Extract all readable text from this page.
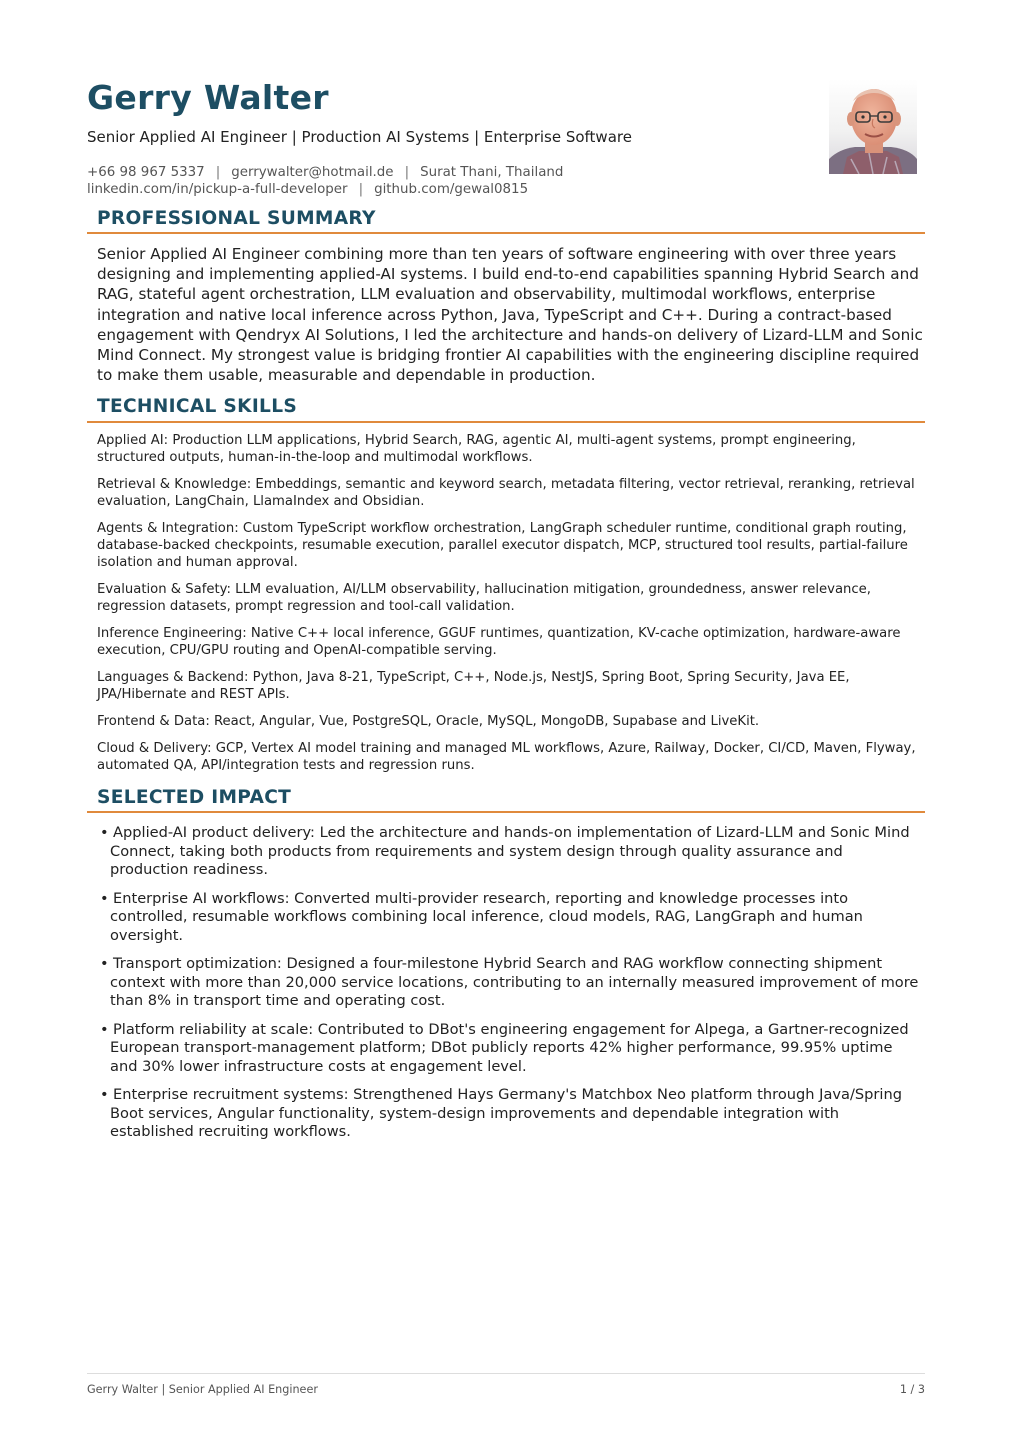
Gerry Walter
Senior Applied AI Engineer | Production AI Systems | Enterprise Software
+66 98 967 5337 | gerrywalter@hotmail.de | Surat Thani, Thailand
linkedin.com/in/pickup-a-full-developer | github.com/gewal0815
PROFESSIONAL SUMMARY

Senior Applied AI Engineer combining more than ten years of software engineering with over three years designing and implementing applied-AI systems. I build end-to-end capabilities spanning Hybrid Search and RAG, stateful agent orchestration, LLM evaluation and observability, multimodal workflows, enterprise integration and native local inference across Python, Java, TypeScript and C++. During a contract-based engagement with Qendryx AI Solutions, I led the architecture and hands-on delivery of Lizard-LLM and Sonic Mind Connect. My strongest value is bridging frontier AI capabilities with the engineering discipline required to make them usable, measurable and dependable in production.

TECHNICAL SKILLS

Applied AI: Production LLM applications, Hybrid Search, RAG, agentic AI, multi-agent systems, prompt engineering, structured outputs, human-in-the-loop and multimodal workflows.

Retrieval & Knowledge: Embeddings, semantic and keyword search, metadata filtering, vector retrieval, reranking, retrieval evaluation, LangChain, LlamaIndex and Obsidian.

Agents & Integration: Custom TypeScript workflow orchestration, LangGraph scheduler runtime, conditional graph routing, database-backed checkpoints, resumable execution, parallel executor dispatch, MCP, structured tool results, partial-failure isolation and human approval.

Evaluation & Safety: LLM evaluation, AI/LLM observability, hallucination mitigation, groundedness, answer relevance, regression datasets, prompt regression and tool-call validation.

Inference Engineering: Native C++ local inference, GGUF runtimes, quantization, KV-cache optimization, hardware-aware execution, CPU/GPU routing and OpenAI-compatible serving.

Languages & Backend: Python, Java 8-21, TypeScript, C++, Node.js, NestJS, Spring Boot, Spring Security, Java EE, JPA/Hibernate and REST APIs.

Frontend & Data: React, Angular, Vue, PostgreSQL, Oracle, MySQL, MongoDB, Supabase and LiveKit.

Cloud & Delivery: GCP, Vertex AI model training and managed ML workflows, Azure, Railway, Docker, CI/CD, Maven, Flyway, automated QA, API/integration tests and regression runs.

SELECTED IMPACT
• Applied-AI product delivery: Led the architecture and hands-on implementation of Lizard-LLM and Sonic Mind Connect, taking both products from requirements and system design through quality assurance and production readiness.
• Enterprise AI workflows: Converted multi-provider research, reporting and knowledge processes into controlled, resumable workflows combining local inference, cloud models, RAG, LangGraph and human oversight.
• Transport optimization: Designed a four-milestone Hybrid Search and RAG workflow connecting shipment context with more than 20,000 service locations, contributing to an internally measured improvement of more than 8% in transport time and operating cost.
• Platform reliability at scale: Contributed to DBot's engineering engagement for Alpega, a Gartner-recognized European transport-management platform; DBot publicly reports 42% higher performance, 99.95% uptime and 30% lower infrastructure costs at engagement level.
• Enterprise recruitment systems: Strengthened Hays Germany's Matchbox Neo platform through Java/Spring Boot services, Angular functionality, system-design improvements and dependable integration with established recruiting workflows.
Gerry Walter | Senior Applied AI Engineer	1 / 3
